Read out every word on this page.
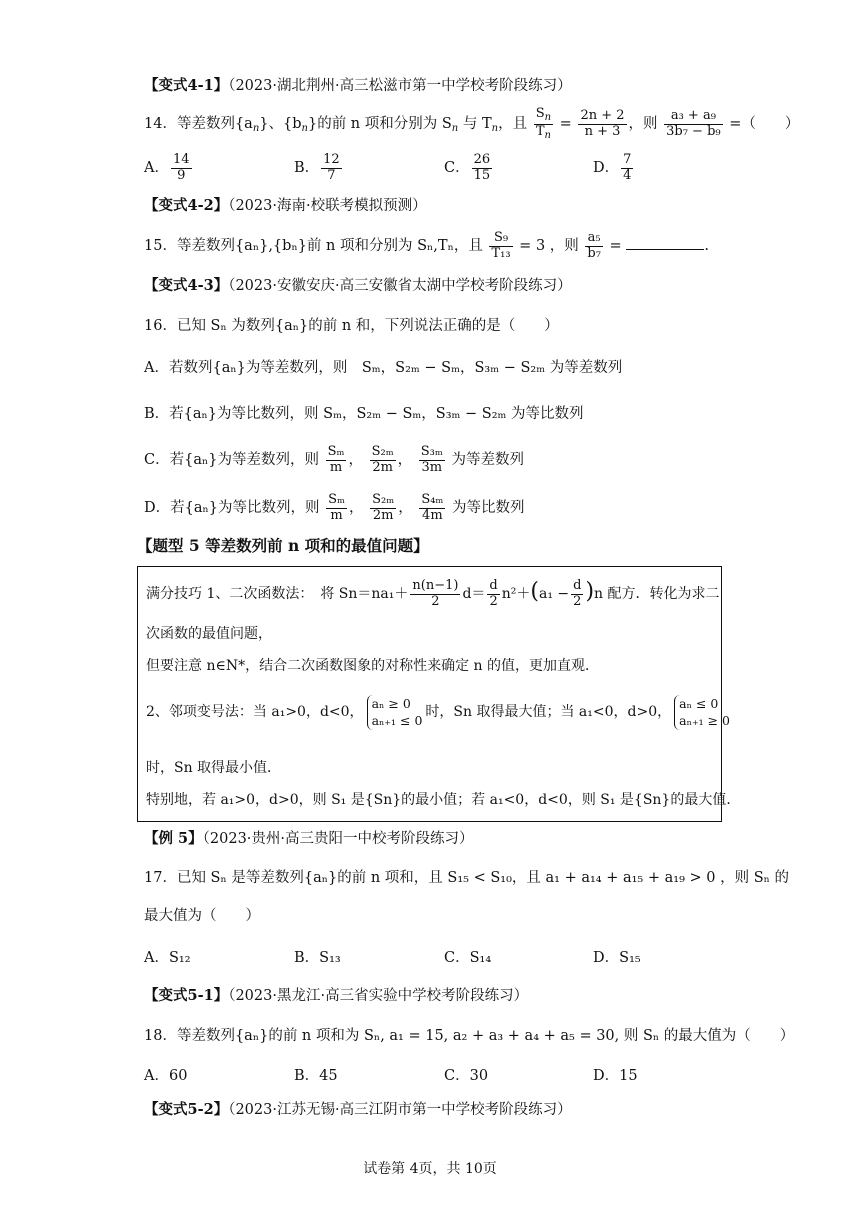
【变式4-1】（2023·湖北荆州·高三松滋市第一中学校考阶段练习）
14．等差数列$\{a_n\}$、$\{b_n\}$的前 n 项和分别为 $S_n$ 与 $T_n$，且 $\frac{S_n}{T_n} = \frac{2n + 2}{n + 3}$ ，则 $\frac{\text{a₃ + a₉}}{\text{3b₇ − b₉}}$ =（　　）
A． $\frac{14}{9}$	B． $\frac{12}{7}$	C． $\frac{26}{15}$	D． $\frac{7}{4}$
【变式4-2】（2023·海南·校联考模拟预测）
15．等差数列{aₙ},{bₙ}前 n 项和分别为 Sₙ,Tₙ，且 $\frac{\text{S₉}}{\text{T₁₃}} = 3$ ，则 $\frac{\text{a₅}}{\text{b₇}}$ =	.
【变式4-3】（2023·安徽安庆·高三安徽省太湖中学校考阶段练习）
16．已知 Sₙ 为数列{aₙ}的前 n 和，下列说法正确的是（　　）
A．若数列{aₙ}为等差数列，则　Sₘ，S₂ₘ − Sₘ，S₃ₘ − S₂ₘ 为等差数列
B．若{aₙ}为等比数列，则 Sₘ，S₂ₘ − Sₘ，S₃ₘ − S₂ₘ 为等比数列
C．若{aₙ}为等差数列，则 $\frac{\text{Sₘ}}{m}$ ， $\frac{\text{S₂ₘ}}{2m}$ ， $\frac{\text{S₃ₘ}}{3m}$ 为等差数列
D．若{aₙ}为等比数列，则 $\frac{\text{Sₘ}}{m}$ ， $\frac{\text{S₂ₘ}}{2m}$ ， $\frac{\text{S₄ₘ}}{4m}$ 为等比数列
【题型 5 等差数列前 n 项和的最值问题】
满分技巧 1、二次函数法：　将 $Sn=na_1+ \frac{n(n-1)}{2} d= \frac{d}{2} n^2+(a_1 - \frac{d}{2} )n$ 配方．转化为求二
次函数的最值问题，
但要注意 n∈N*，结合二次函数图象的对称性来确定 n 的值，更加直观．
2、邻项变号法：当 a₁>0，d<0，
aₙ ≥ 0
aₙ₊₁ ≤ 0
时，Sn 取得最大值；当 a₁<0，d>0，
aₙ ≤ 0
aₙ₊₁ ≥ 0
时，Sn 取得最小值．
特别地，若 a₁>0，d>0，则 S₁ 是{Sn}的最小值；若 a₁<0，d<0，则 S₁ 是{Sn}的最大值．
【例 5】（2023·贵州·高三贵阳一中校考阶段练习）
17．已知 Sₙ 是等差数列{aₙ}的前 n 项和，且 S₁₅ < S₁₀，且 a₁ + a₁₄ + a₁₅ + a₁₉ > 0 ，则 Sₙ 的
最大值为（　　）
A．S₁₂	B．S₁₃	C．S₁₄	D．S₁₅
【变式5-1】（2023·黑龙江·高三省实验中学校考阶段练习）
18．等差数列{aₙ}的前 n 项和为 Sₙ, a₁ = 15, a₂ + a₃ + a₄ + a₅ = 30, 则 Sₙ 的最大值为（　　）
A．60	B．45	C．30	D．15
【变式5-2】（2023·江苏无锡·高三江阴市第一中学校考阶段练习）
试卷第 4页，共 10页
